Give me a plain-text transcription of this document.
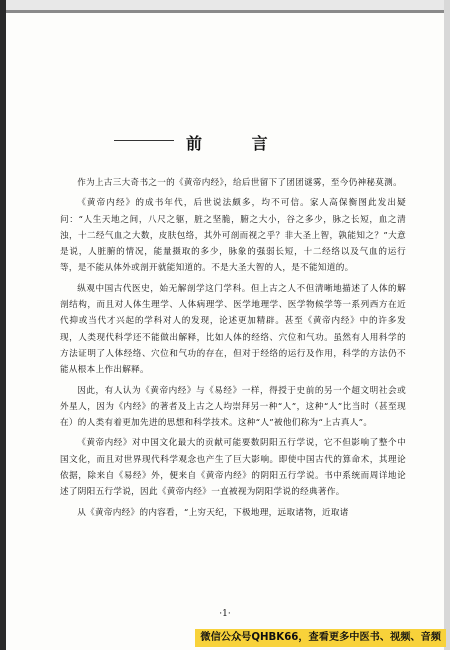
前 言

作为上古三大奇书之一的《黄帝内经》，给后世留下了团团谜雾，至今仍神秘莫测。

《黄帝内经》的成书年代，后世说法颇多，均不可信。家人高保衡图此发出疑问：“人生天地之间，八尺之躯，脏之坚脆，腑之大小，谷之多少，脉之长短，血之清浊，十二经气血之大数，皮肤包络，其外可剖而视之乎？非大圣上智，孰能知之？”大意是说，人脏腑的情况，能量摄取的多少，脉象的强弱长短，十二经络以及气血的运行等，是不能从体外或剖开就能知道的。不是大圣大智的人，是不能知道的。

纵观中国古代医史，始无解剖学这门学科。但上古之人不但清晰地描述了人体的解剖结构，而且对人体生理学、人体病理学、医学地理学、医学物候学等一系列西方在近代抑或当代才兴起的学科对人的发现，论述更加精辟。甚至《黄帝内经》中的许多发现，人类现代科学还不能做出解释，比如人体的经络、穴位和气功。虽然有人用科学的方法证明了人体经络、穴位和气功的存在，但对于经络的运行及作用，科学的方法仍不能从根本上作出解释。

因此，有人认为《黄帝内经》与《易经》一样，得授于史前的另一个超文明社会或外星人，因为《内经》的著者及上古之人均崇拜另一种“人”，这种“人”比当时（甚至现在）的人类有着更加先进的思想和科学技术。这种“人”被他们称为“上古真人”。

《黄帝内经》对中国文化最大的贡献可能要数阴阳五行学说，它不但影响了整个中国文化，而且对世界现代科学观念也产生了巨大影响。即使中国古代的算命术，其理论依据，除来自《易经》外，便来自《黄帝内经》的阴阳五行学说。书中系统而周详地论述了阴阳五行学说，因此《黄帝内经》一直被视为阴阳学说的经典著作。

从《黄帝内经》的内容看，“上穷天纪，下极地理，远取诸物，近取诸

·1·
微信公众号QHBK66，查看更多中医书、视频、音频
